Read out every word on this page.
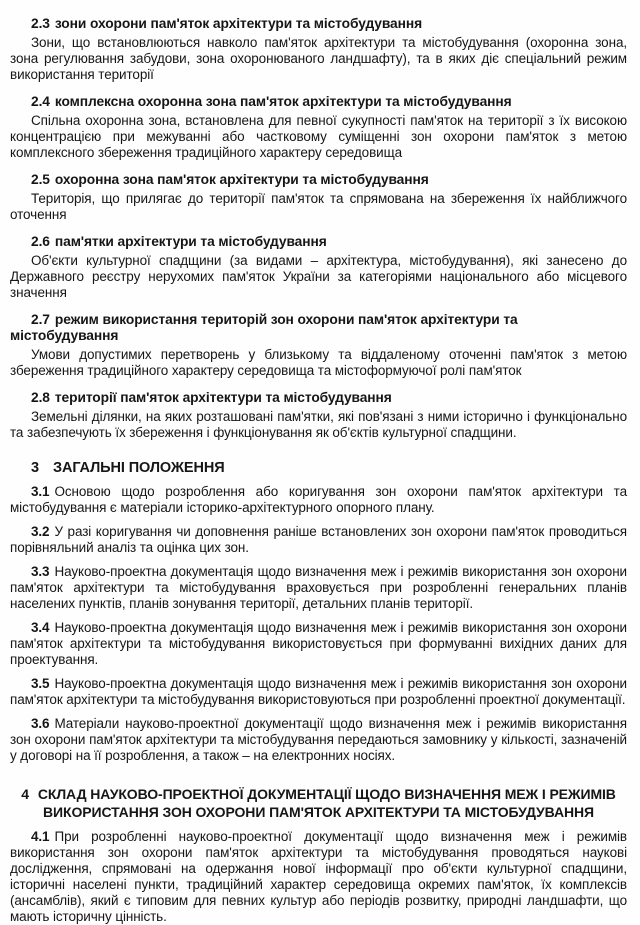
2.3 зони охорони пам'яток архітектури та містобудування

Зони, що встановлюються навколо пам'яток архітектури та містобудування (охоронна зона, зона регулювання забудови, зона охоронюваного ландшафту), та в яких діє спеціальний режим використання території

2.4 комплексна охоронна зона пам'яток архітектури та містобудування

Спільна охоронна зона, встановлена для певної сукупності пам'яток на території з їх високою концентрацією при межуванні або частковому суміщенні зон охорони пам'яток з метою комплексного збереження традиційного характеру середовища

2.5 охоронна зона пам'яток архітектури та містобудування

Територія, що прилягає до території пам'яток та спрямована на збереження їх найближчого оточення

2.6 пам'ятки архітектури та містобудування

Об'єкти культурної спадщини (за видами – архітектура, містобудування), які занесено до Державного реєстру нерухомих пам'яток України за категоріями національного або місцевого значення

2.7 режим використання територій зон охорони пам'яток архітектури та містобудування

Умови допустимих перетворень у близькому та віддаленому оточенні пам'яток з метою збереження традиційного характеру середовища та містоформуючої ролі пам'яток

2.8 території пам'яток архітектури та містобудування

Земельні ділянки, на яких розташовані пам'ятки, які пов'язані з ними історично і функціонально та забезпечують їх збереження і функціонування як об'єктів культурної спадщини.

3 ЗАГАЛЬНІ ПОЛОЖЕННЯ

3.1 Основою щодо розроблення або коригування зон охорони пам'яток архітектури та містобудування є матеріали історико-архітектурного опорного плану.

3.2 У разі коригування чи доповнення раніше встановлених зон охорони пам'яток проводиться порівняльний аналіз та оцінка цих зон.

3.3 Науково-проектна документація щодо визначення меж і режимів використання зон охорони пам'яток архітектури та містобудування враховується при розробленні генеральних планів населених пунктів, планів зонування території, детальних планів території.

3.4 Науково-проектна документація щодо визначення меж і режимів використання зон охорони пам'яток архітектури та містобудування використовується при формуванні вихідних даних для проектування.

3.5 Науково-проектна документація щодо визначення меж і режимів використання зон охорони пам'яток архітектури та містобудування використовуються при розробленні проектної документації.

3.6 Матеріали науково-проектної документації щодо визначення меж і режимів використання зон охорони пам'яток архітектури та містобудування передаються замовнику у кількості, зазначеній у договорі на її розроблення, а також – на електронних носіях.

4 СКЛАД НАУКОВО-ПРОЕКТНОЇ ДОКУМЕНТАЦІЇ ЩОДО ВИЗНАЧЕННЯ МЕЖ І РЕЖИМІВ ВИКОРИСТАННЯ ЗОН ОХОРОНИ ПАМ'ЯТОК АРХІТЕКТУРИ ТА МІСТОБУДУВАННЯ

4.1 При розробленні науково-проектної документації щодо визначення меж і режимів використання зон охорони пам'яток архітектури та містобудування проводяться наукові дослідження, спрямовані на одержання нової інформації про об'єкти культурної спадщини, історичні населені пункти, традиційний характер середовища окремих пам'яток, їх комплексів (ансамблів), який є типовим для певних культур або періодів розвитку, природні ландшафти, що мають історичну цінність.
